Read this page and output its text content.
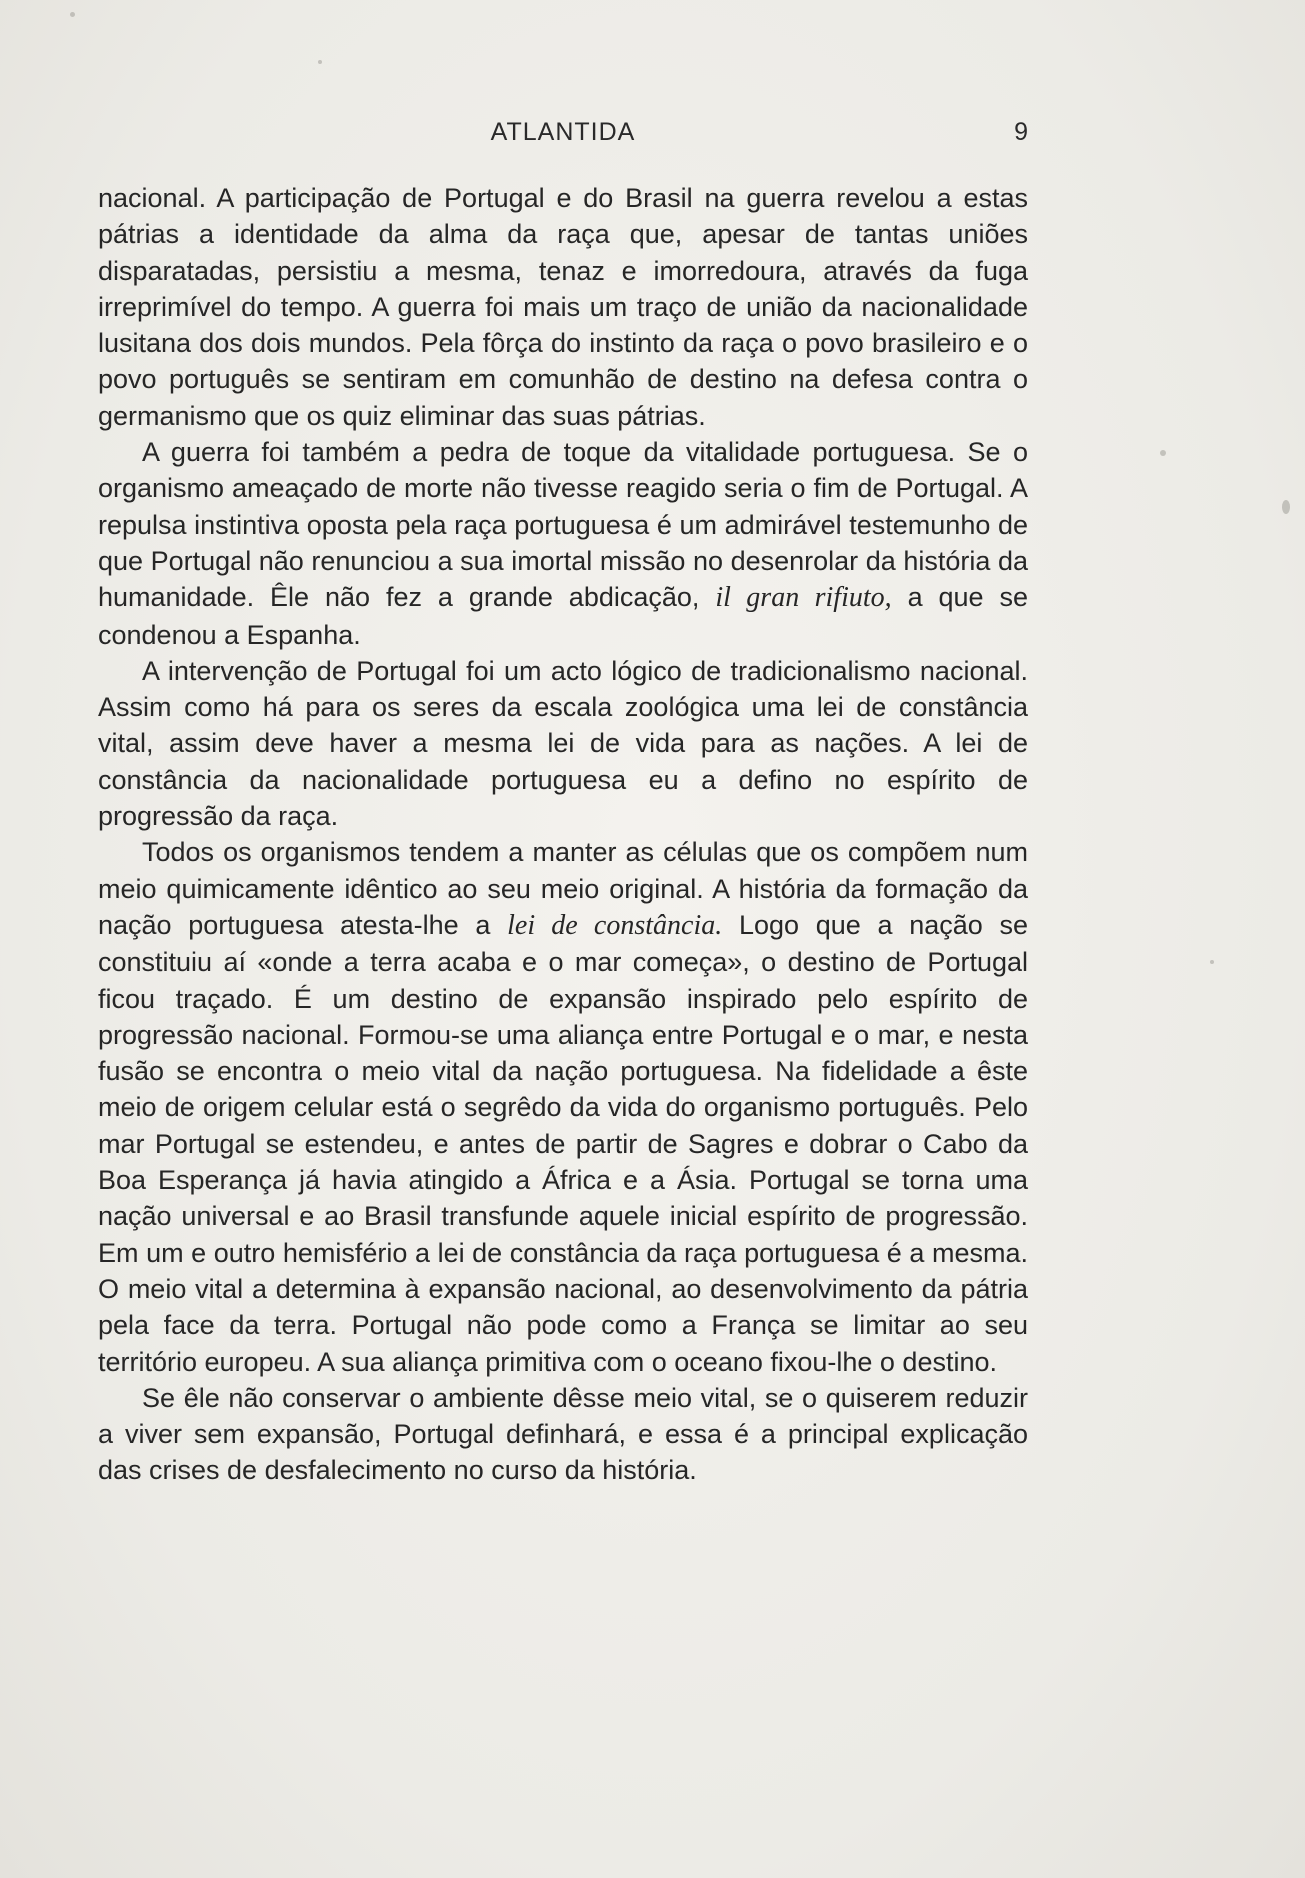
ATLANTIDA	9

nacional. A participação de Portugal e do Brasil na guerra revelou a estas pátrias a identidade da alma da raça que, apesar de tantas uniões disparatadas, persistiu a mesma, tenaz e imorredoura, através da fuga irreprimível do tempo. A guerra foi mais um traço de união da nacionalidade lusitana dos dois mundos. Pela fôrça do instinto da raça o povo brasileiro e o povo português se sentiram em comunhão de destino na defesa contra o germanismo que os quiz eliminar das suas pátrias.

A guerra foi também a pedra de toque da vitalidade portuguesa. Se o organismo ameaçado de morte não tivesse reagido seria o fim de Portugal. A repulsa instintiva oposta pela raça portuguesa é um admirável testemunho de que Portugal não renunciou a sua imortal missão no desenrolar da história da humanidade. Êle não fez a grande abdicação, il gran rifiuto, a que se condenou a Espanha.

A intervenção de Portugal foi um acto lógico de tradicionalismo nacional. Assim como há para os seres da escala zoológica uma lei de constância vital, assim deve haver a mesma lei de vida para as nações. A lei de constância da nacionalidade portuguesa eu a defino no espírito de progressão da raça.

Todos os organismos tendem a manter as células que os compõem num meio quimicamente idêntico ao seu meio original. A história da formação da nação portuguesa atesta-lhe a lei de constância. Logo que a nação se constituiu aí «onde a terra acaba e o mar começa», o destino de Portugal ficou traçado. É um destino de expansão inspirado pelo espírito de progressão nacional. Formou-se uma aliança entre Portugal e o mar, e nesta fusão se encontra o meio vital da nação portuguesa. Na fidelidade a êste meio de origem celular está o segrêdo da vida do organismo português. Pelo mar Portugal se estendeu, e antes de partir de Sagres e dobrar o Cabo da Boa Esperança já havia atingido a África e a Ásia. Portugal se torna uma nação universal e ao Brasil transfunde aquele inicial espírito de progressão. Em um e outro hemisfério a lei de constância da raça portuguesa é a mesma. O meio vital a determina à expansão nacional, ao desenvolvimento da pátria pela face da terra. Portugal não pode como a França se limitar ao seu território europeu. A sua aliança primitiva com o oceano fixou-lhe o destino.

Se êle não conservar o ambiente dêsse meio vital, se o quiserem reduzir a viver sem expansão, Portugal definhará, e essa é a principal explicação das crises de desfalecimento no curso da história.
